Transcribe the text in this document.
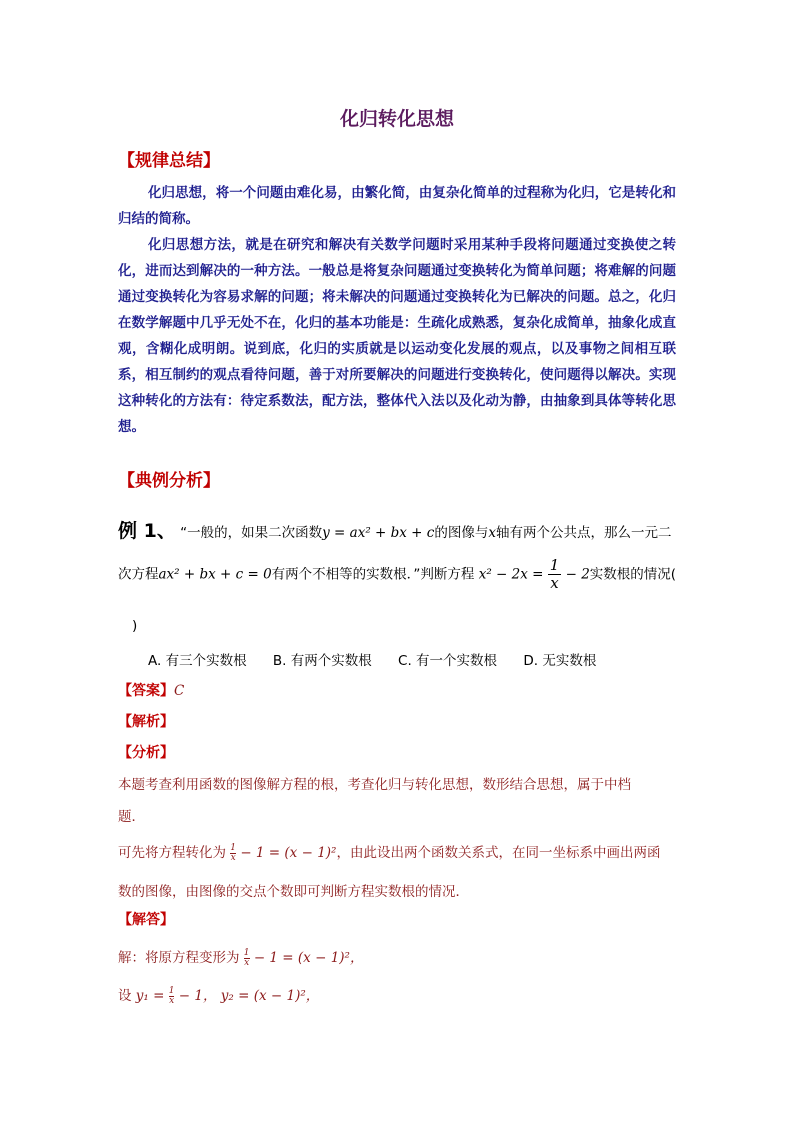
化归转化思想
【规律总结】

化归思想，将一个问题由难化易，由繁化简，由复杂化简单的过程称为化归，它是转化和归结的简称。

化归思想方法，就是在研究和解决有关数学问题时采用某种手段将问题通过变换使之转化，进而达到解决的一种方法。一般总是将复杂问题通过变换转化为简单问题；将难解的问题通过变换转化为容易求解的问题；将未解决的问题通过变换转化为已解决的问题。总之，化归在数学解题中几乎无处不在，化归的基本功能是：生疏化成熟悉，复杂化成简单，抽象化成直观，含糊化成明朗。说到底，化归的实质就是以运动变化发展的观点，以及事物之间相互联系，相互制约的观点看待问题，善于对所要解决的问题进行变换转化，使问题得以解决。实现这种转化的方法有：待定系数法，配方法，整体代入法以及化动为静，由抽象到具体等转化思想。

【典例分析】
例 1、 “一般的，如果二次函数y = ax² + bx + c的图像与x轴有两个公共点，那么一元二
次方程ax² + bx + c = 0有两个不相等的实数根．”判断方程 $x^2 - 2x = \frac{1}{x} - 2$实数根的情况(
)
A. 有三个实数根 B. 有两个实数根 C. 有一个实数根 D. 无实数根
【答案】C
【解析】
【分析】
本题考查利用函数的图像解方程的根，考查化归与转化思想，数形结合思想，属于中档
题．
可先将方程转化为 $\frac{1}{x} - 1 = (x - 1)^2$，由此设出两个函数关系式，在同一坐标系中画出两函
数的图像，由图像的交点个数即可判断方程实数根的情况．
【解答】
解：将原方程变形为 $\frac{1}{x} - 1 = (x - 1)^2$，
设 $y_1 = \frac{1}{x} - 1$， y₂ = (x − 1)²，
